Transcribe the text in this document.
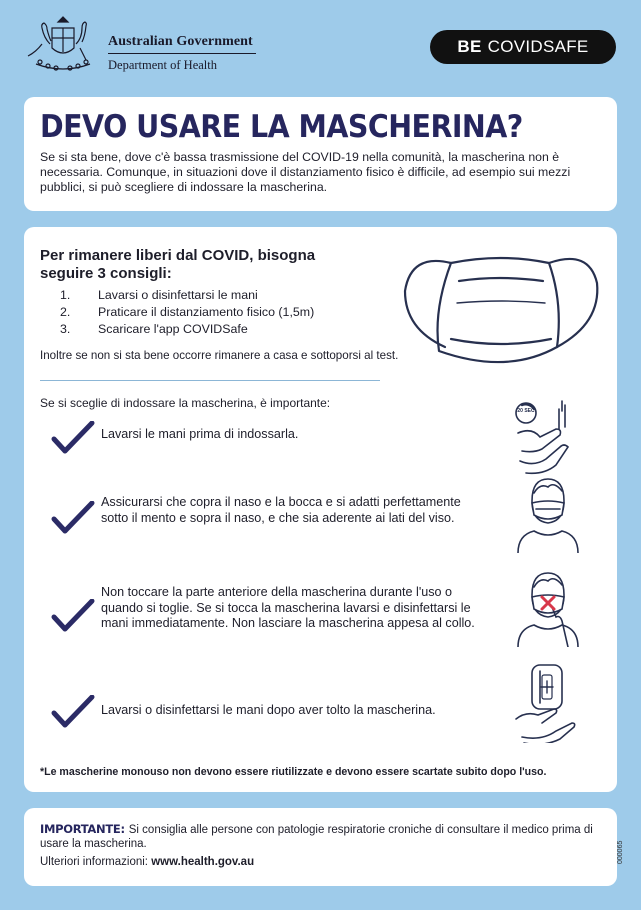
Australian Government
Department of Health
BE COVIDSAFE
DEVO USARE LA MASCHERINA?

Se si sta bene, dove c'è bassa trasmissione del COVID-19 nella comunità, la mascherina non è necessaria. Comunque, in situazioni dove il distanziamento fisico è difficile, ad esempio sui mezzi pubblici, si può scegliere di indossare la mascherina.

Per rimanere liberi dal COVID, bisogna seguire 3 consigli:
1.	Lavarsi o disinfettarsi le mani
2.	Praticare il distanziamento fisico (1,5m)
3.	Scaricare l'app COVIDSafe
Inoltre se non si sta bene occorre rimanere a casa e sottoporsi al test.
Se si sceglie di indossare la mascherina, è importante:
Lavarsi le mani prima di indossarla.
20 SEC
Assicurarsi che copra il naso e la bocca e si adatti perfettamente sotto il mento e sopra il naso, e che sia aderente ai lati del viso.
Non toccare la parte anteriore della mascherina durante l'uso o quando si toglie. Se si tocca la mascherina lavarsi e disinfettarsi le mani immediatamente. Non lasciare la mascherina appesa al collo.
Lavarsi o disinfettarsi le mani dopo aver tolto la mascherina.
*Le mascherine monouso non devono essere riutilizzate e devono essere scartate subito dopo l'uso.

IMPORTANTE: Si consiglia alle persone con patologie respiratorie croniche di consultare il medico prima di usare la mascherina.

Ulteriori informazioni: www.health.gov.au	000065
